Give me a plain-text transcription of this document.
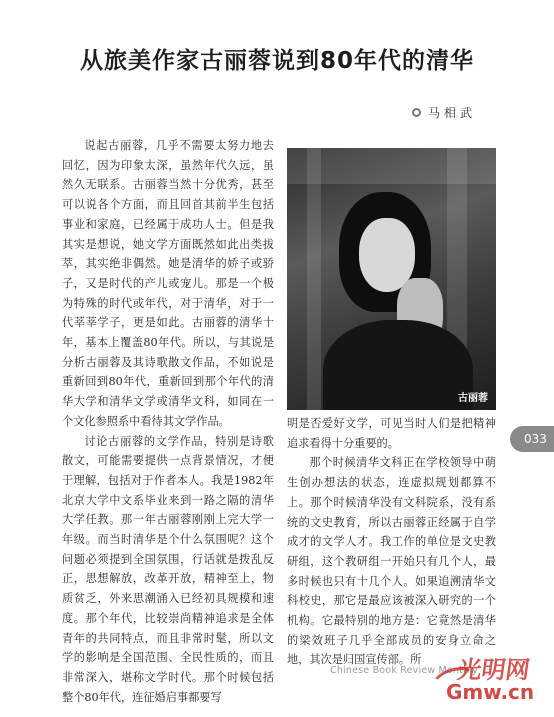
从旅美作家古丽蓉说到80年代的清华
马相武

说起古丽蓉，几乎不需要太努力地去回忆，因为印象太深，虽然年代久远，虽然久无联系。古丽蓉当然十分优秀，甚至可以说各个方面，而且回首其前半生包括事业和家庭，已经属于成功人士。但是我其实是想说，她文学方面既然如此出类拔萃，其实绝非偶然。她是清华的娇子或骄子，又是时代的产儿或宠儿。那是一个极为特殊的时代或年代，对于清华，对于一代莘莘学子，更是如此。古丽蓉的清华十年，基本上覆盖80年代。所以，与其说是分析古丽蓉及其诗歌散文作品，不如说是重新回到80年代，重新回到那个年代的清华大学和清华文学或清华文科，如同在一个文化参照系中看待其文学作品。

讨论古丽蓉的文学作品，特别是诗歌散文，可能需要提供一点背景情况，才便于理解，包括对于作者本人。我是1982年北京大学中文系毕业来到一路之隔的清华大学任教。那一年古丽蓉刚刚上完大学一年级。而当时清华是个什么氛围呢？这个问题必须提到全国氛围，行话就是拨乱反正，思想解放，改革开放，精神至上，物质贫乏，外来思潮涌入已经初具规模和速度。那个年代，比较崇尚精神追求是全体青年的共同特点，而且非常时髦，所以文学的影响是全国范围、全民性质的，而且非常深入，堪称文学时代。那个时候包括整个80年代，连征婚启事都要写

古丽蓉

明是否爱好文学，可见当时人们是把精神追求看得十分重要的。

那个时候清华文科正在学校领导中萌生创办想法的状态，连虚拟规划都算不上。那个时候清华没有文科院系，没有系统的文史教育，所以古丽蓉正经属于自学成才的文学人才。我工作的单位是文史教研组，这个教研组一开始只有几个人，最多时候也只有十几个人。如果追溯清华文科校史，那它是最应该被深入研究的一个机构。它最特别的地方是：它竟然是清华的梁效班子几乎全部成员的安身立命之地，其次是归国宣传部。所

033
Chinese Book Review Monthly
光明网
Gmw.cn
